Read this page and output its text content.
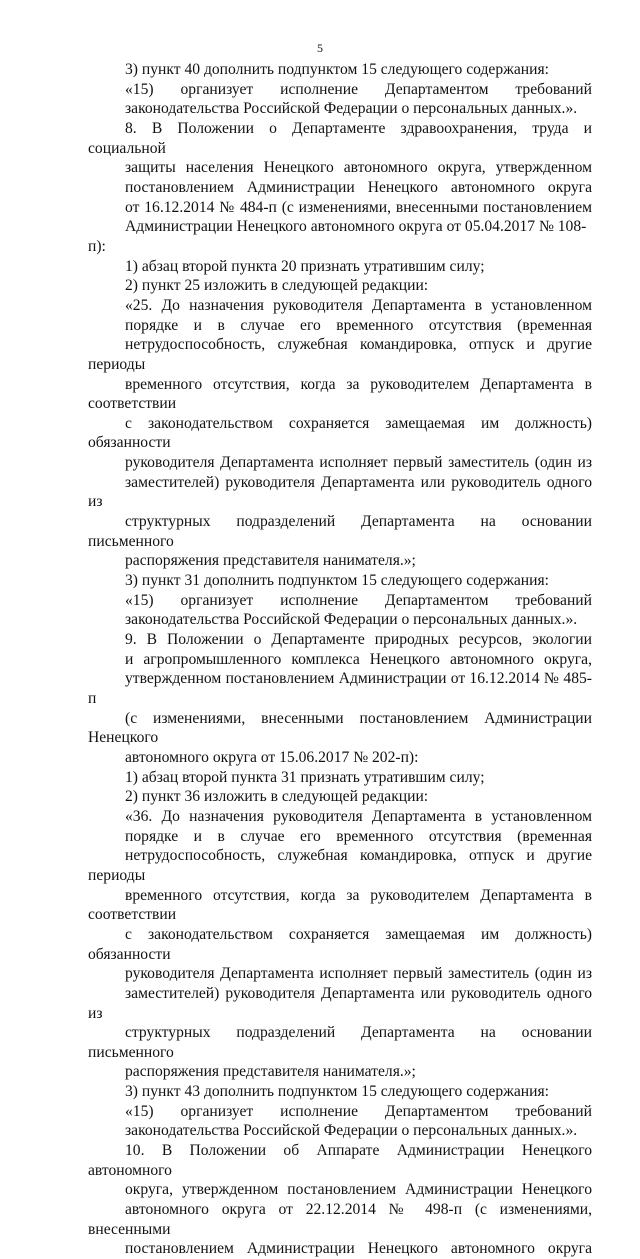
5

3) пункт 40 дополнить подпунктом 15 следующего содержания:

«15) организует исполнение Департаментом требований
законодательства Российской Федерации о персональных данных.».

8. В Положении о Департаменте здравоохранения, труда и социальной
защиты населения Ненецкого автономного округа, утвержденном
постановлением Администрации Ненецкого автономного округа
от 16.12.2014 № 484-п (с изменениями, внесенными постановлением
Администрации Ненецкого автономного округа от 05.04.2017 № 108-п):

1) абзац второй пункта 20 признать утратившим силу;

2) пункт 25 изложить в следующей редакции:

«25. До назначения руководителя Департамента в установленном
порядке и в случае его временного отсутствия (временная
нетрудоспособность, служебная командировка, отпуск и другие периоды
временного отсутствия, когда за руководителем Департамента в соответствии
с законодательством сохраняется замещаемая им должность) обязанности
руководителя Департамента исполняет первый заместитель (один из
заместителей) руководителя Департамента или руководитель одного из
структурных подразделений Департамента на основании письменного
распоряжения представителя нанимателя.»;

3) пункт 31 дополнить подпунктом 15 следующего содержания:

«15) организует исполнение Департаментом требований
законодательства Российской Федерации о персональных данных.».

9. В Положении о Департаменте природных ресурсов, экологии
и агропромышленного комплекса Ненецкого автономного округа,
утвержденном постановлением Администрации от 16.12.2014 № 485-п
(с изменениями, внесенными постановлением Администрации Ненецкого
автономного округа от 15.06.2017 № 202-п):

1) абзац второй пункта 31 признать утратившим силу;

2) пункт 36 изложить в следующей редакции:

«36. До назначения руководителя Департамента в установленном
порядке и в случае его временного отсутствия (временная
нетрудоспособность, служебная командировка, отпуск и другие периоды
временного отсутствия, когда за руководителем Департамента в соответствии
с законодательством сохраняется замещаемая им должность) обязанности
руководителя Департамента исполняет первый заместитель (один из
заместителей) руководителя Департамента или руководитель одного из
структурных подразделений Департамента на основании письменного
распоряжения представителя нанимателя.»;

3) пункт 43 дополнить подпунктом 15 следующего содержания:

«15) организует исполнение Департаментом требований
законодательства Российской Федерации о персональных данных.».

10. В Положении об Аппарате Администрации Ненецкого автономного
округа, утвержденном постановлением Администрации Ненецкого
автономного округа от 22.12.2014 № 498-п (с изменениями, внесенными
постановлением Администрации Ненецкого автономного округа
